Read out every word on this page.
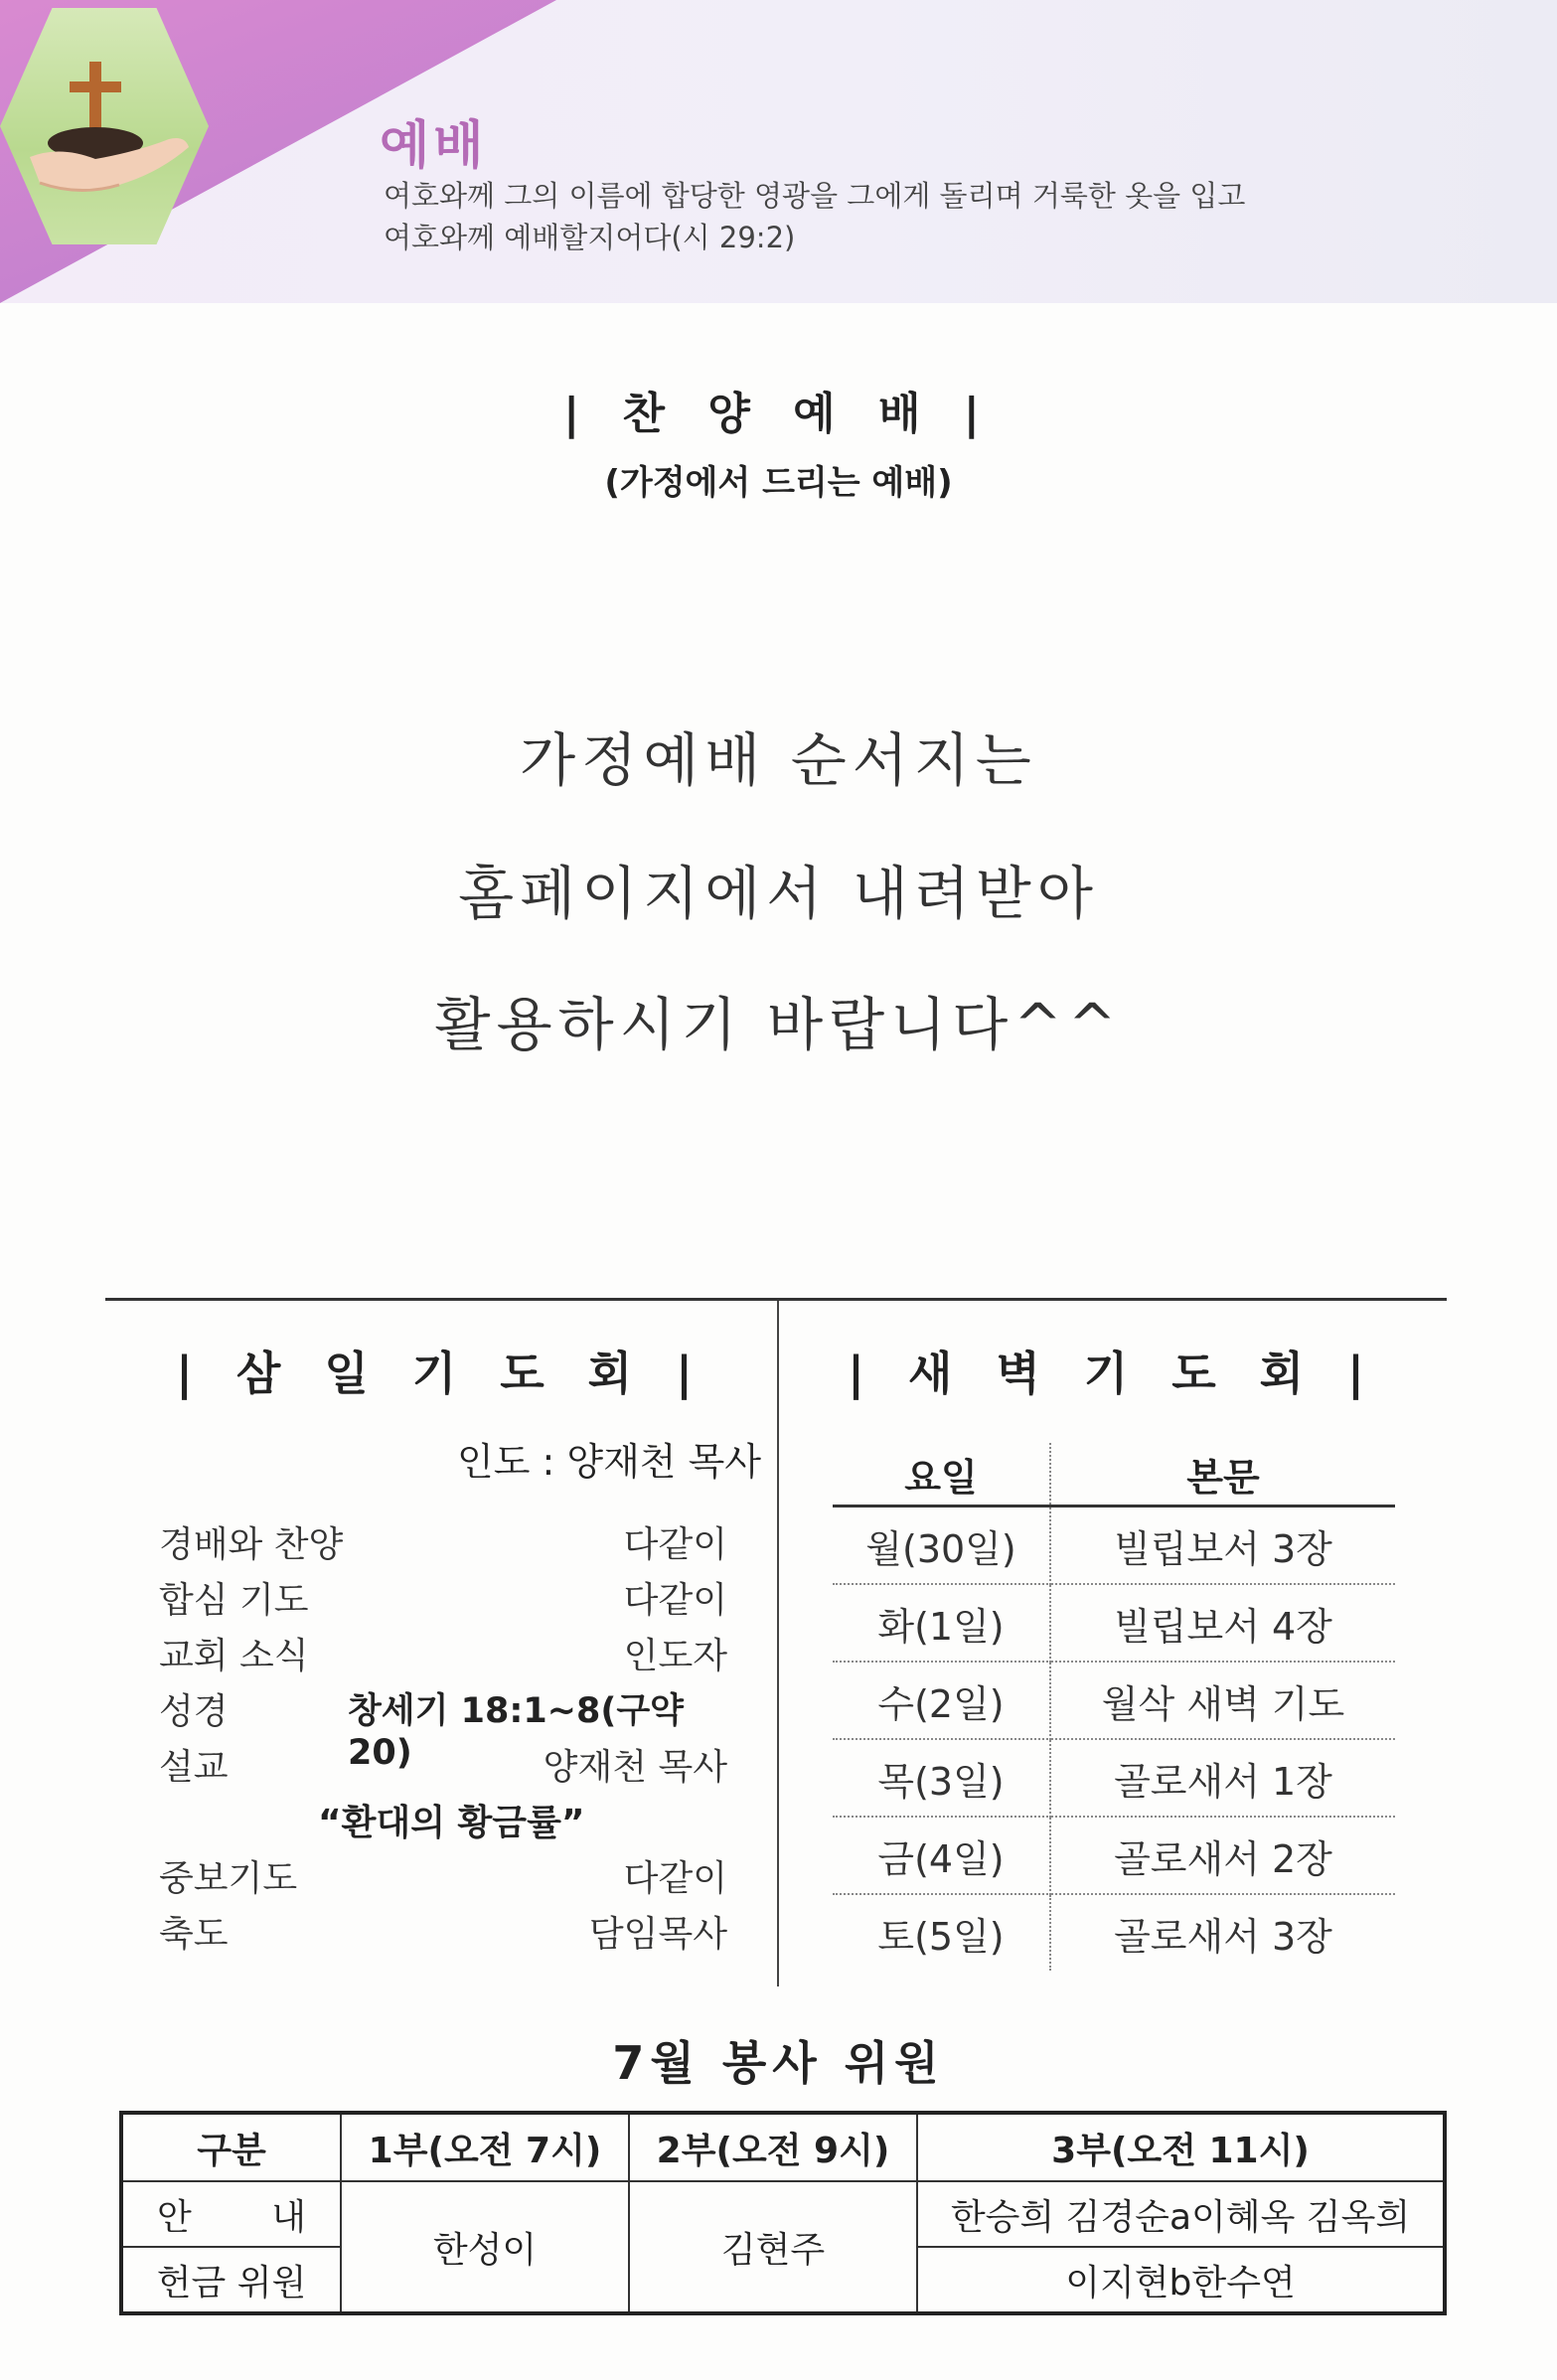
예배
여호와께 그의 이름에 합당한 영광을 그에게 돌리며 거룩한 옷을 입고
여호와께 예배할지어다(시 29:2)
| 찬 양 예 배 |
(가정에서 드리는 예배)
가정예배 순서지는
홈페이지에서 내려받아
활용하시기 바랍니다^^
| 삼 일 기 도 회 |
인도 : 양재천 목사
경배와 찬양	다같이
합심 기도	다같이
교회 소식	인도자
성경	창세기 18:1~8(구약 20)
설교	양재천 목사
“환대의 황금률”
중보기도	다같이
축도	담임목사
| 새 벽 기 도 회 |
요일	본문
월(30일)	빌립보서 3장
화(1일)	빌립보서 4장
수(2일)	월삭 새벽 기도
목(3일)	골로새서 1장
금(4일)	골로새서 2장
토(5일)	골로새서 3장
7월 봉사 위원
구분	1부(오전 7시)	2부(오전 9시)	3부(오전 11시)

안 내	한성이	김현주	한승희 김경순a이혜옥 김옥희
헌금 위원			이지현b한수연
